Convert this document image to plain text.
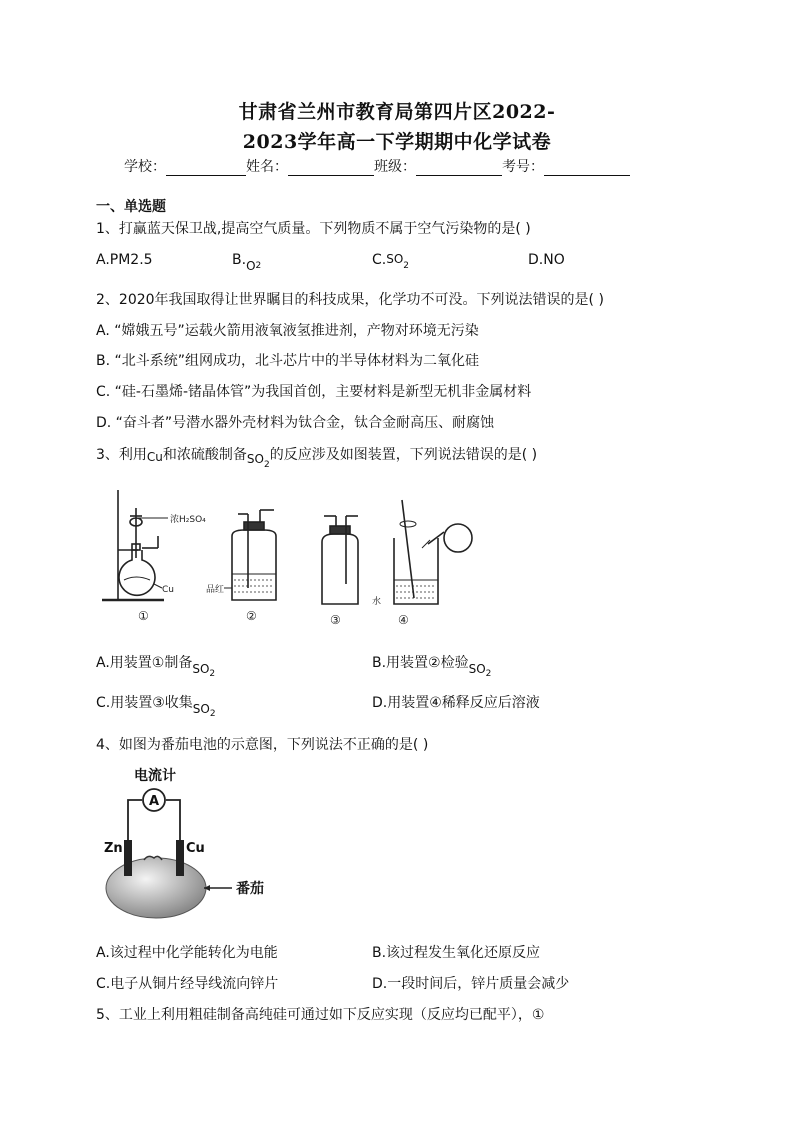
甘肃省兰州市教育局第四片区2022-
2023学年高一下学期期中化学试卷
学校：	姓名：	班级：	考号：
一、单选题
1、打赢蓝天保卫战,提高空气质量。下列物质不属于空气污染物的是( )
A.PM2.5	$B.O_2$	$C.SO_2$	D.NO
2、2020年我国取得让世界瞩目的科技成果，化学功不可没。下列说法错误的是( )
A. “嫦娥五号”运载火箭用液氧液氢推进剂，产物对环境无污染
B. “北斗系统”组网成功，北斗芯片中的半导体材料为二氧化硅
C. “硅-石墨烯-锗晶体管”为我国首创，主要材料是新型无机非金属材料
D. “奋斗者”号潜水器外壳材料为钛合金，钛合金耐高压、耐腐蚀
3、利用Cu和浓硫酸制备$SO_2$的反应涉及如图装置，下列说法错误的是( )
浓H₂SO₄
Cu
①
品红
②	③
水
④
A.用装置①制备$SO_2$
B.用装置②检验$SO_2$
C.用装置③收集$SO_2$
D.用装置④稀释反应后溶液
4、如图为番茄电池的示意图，下列说法不正确的是( )
电流计
A
Zn	Cu
番茄
A.该过程中化学能转化为电能	B.该过程发生氧化还原反应
C.电子从铜片经导线流向锌片	D.一段时间后，锌片质量会减少
5、工业上利用粗硅制备高纯硅可通过如下反应实现（反应均已配平），①
